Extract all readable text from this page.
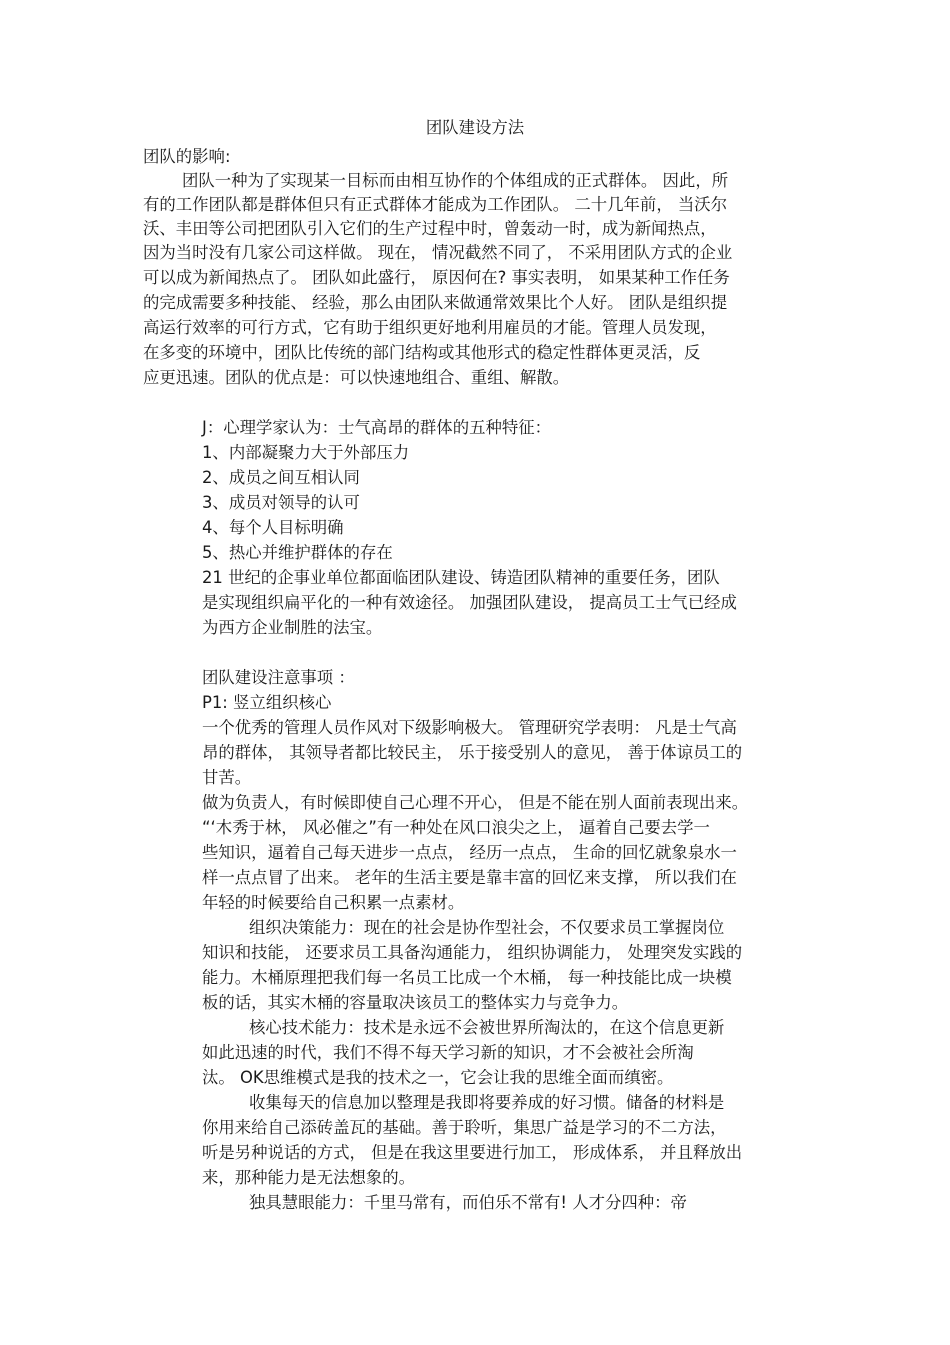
团队建设方法
团队的影响:
团队一种为了实现某一目标而由相互协作的个体组成的正式群体。 因此，所
有的工作团队都是群体但只有正式群体才能成为工作团队。 二十几年前， 当沃尔
沃、丰田等公司把团队引入它们的生产过程中时，曾轰动一时，成为新闻热点，
因为当时没有几家公司这样做。 现在， 情况截然不同了， 不采用团队方式的企业
可以成为新闻热点了。 团队如此盛行， 原因何在? 事实表明， 如果某种工作任务
的完成需要多种技能、 经验，那么由团队来做通常效果比个人好。 团队是组织提
高运行效率的可行方式，它有助于组织更好地利用雇员的才能。管理人员发现，
在多变的环境中，团队比传统的部门结构或其他形式的稳定性群体更灵活，反
应更迅速。团队的优点是：可以快速地组合、重组、解散。
J：心理学家认为：士气高昂的群体的五种特征：
1、内部凝聚力大于外部压力
2、成员之间互相认同
3、成员对领导的认可
4、每个人目标明确
5、热心并维护群体的存在
21 世纪的企事业单位都面临团队建设、铸造团队精神的重要任务，团队
是实现组织扁平化的一种有效途径。 加强团队建设， 提高员工士气已经成
为西方企业制胜的法宝。
团队建设注意事项 ：
P1: 竖立组织核心
一个优秀的管理人员作风对下级影响极大。 管理研究学表明： 凡是士气高
昂的群体， 其领导者都比较民主， 乐于接受别人的意见， 善于体谅员工的
甘苦。
做为负责人，有时候即使自己心理不开心， 但是不能在别人面前表现出来。
“‘木秀于林， 风必催之”有一种处在风口浪尖之上， 逼着自己要去学一
些知识，逼着自己每天进步一点点， 经历一点点， 生命的回忆就象泉水一
样一点点冒了出来。 老年的生活主要是靠丰富的回忆来支撑， 所以我们在
年轻的时候要给自己积累一点素材。
组织决策能力：现在的社会是协作型社会，不仅要求员工掌握岗位
知识和技能， 还要求员工具备沟通能力， 组织协调能力， 处理突发实践的
能力。木桶原理把我们每一名员工比成一个木桶， 每一种技能比成一块模
板的话，其实木桶的容量取决该员工的整体实力与竞争力。
核心技术能力：技术是永远不会被世界所淘汰的，在这个信息更新
如此迅速的时代，我们不得不每天学习新的知识，才不会被社会所淘
汰。 OK思维模式是我的技术之一，它会让我的思维全面而缜密。
收集每天的信息加以整理是我即将要养成的好习惯。储备的材料是
你用来给自己添砖盖瓦的基础。善于聆听，集思广益是学习的不二方法，
听是另种说话的方式， 但是在我这里要进行加工， 形成体系， 并且释放出
来，那种能力是无法想象的。
独具慧眼能力：千里马常有，而伯乐不常有! 人才分四种：帝
